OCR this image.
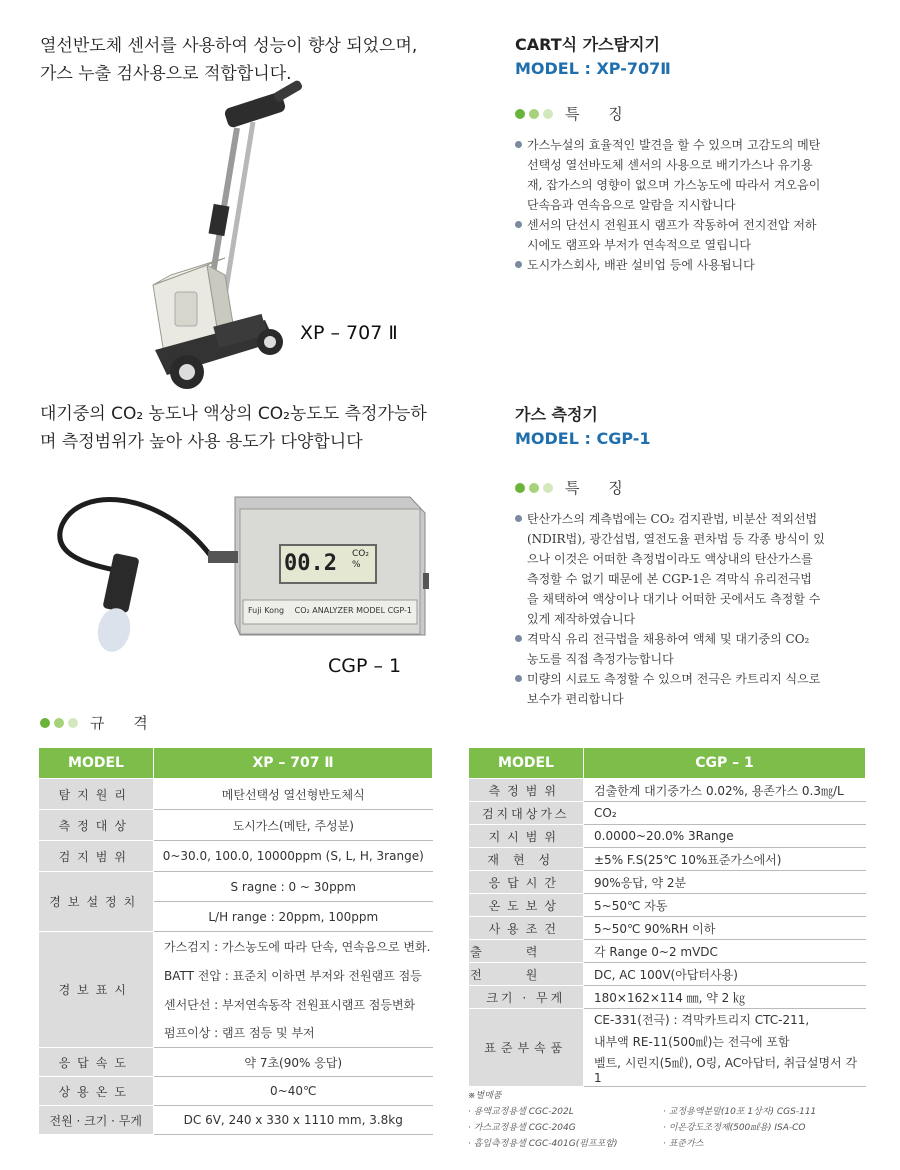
열선반도체 센서를 사용하여 성능이 향상 되었으며,
가스 누출 검사용으로 적합합니다.
XP – 707 Ⅱ
CART식 가스탐지기
MODEL : XP-707Ⅱ
특 징
가스누설의 효율적인 발견을 할 수 있으며 고감도의 메탄
선택성 열선바도체 센서의 사용으로 배기가스나 유기용
재, 잡가스의 영향이 없으며 가스농도에 따라서 겨오음이
단속음과 연속음으로 알람을 지시합니다
센서의 단선시 전원표시 램프가 작동하여 전지전압 저하
시에도 램프와 부저가 연속적으로 열립니다
도시가스회사, 배관 설비업 등에 사용됩니다
대기중의 CO₂ 농도나 액상의 CO₂농도도 측정가능하
며 측정범위가 높아 사용 용도가 다양합니다
00.2 CO₂
%
Fuji Kong CO₂ ANALYZER MODEL CGP-1
CGP – 1
가스 측정기
MODEL : CGP-1
특 징
탄산가스의 계측법에는 CO₂ 검지관법, 비분산 적외선법
(NDIR법), 광간섭법, 열전도율 편차법 등 각종 방식이 있
으나 이것은 어떠한 측정법이라도 액상내의 탄산가스를
측정할 수 없기 때문에 본 CGP-1은 격막식 유리전극법
을 채택하여 액상이나 대기나 어떠한 곳에서도 측정할 수
있게 제작하였습니다
격막식 유리 전극법을 채용하여 액체 및 대기중의 CO₂
농도를 직접 측정가능합니다
미량의 시료도 측정할 수 있으며 전극은 카트리지 식으로
보수가 편리합니다
규 격
MODEL	XP – 707 Ⅱ
탐지원리	메탄선택성 열선형반도체식
측정대상	도시가스(메탄, 주성분)
검지범위	0~30.0, 100.0, 10000ppm (S, L, H, 3range)
경보설정치	S ragne : 0 ~ 30ppm
	L/H range : 20ppm, 100ppm
경보표시	가스검지 : 가스농도에 따라 단속, 연속음으로 변화.
	BATT 전압 : 표준치 이하면 부저와 전원램프 점등
	센서단선 : 부저연속동작 전원표시램프 점등변화
	펌프이상 : 램프 점등 및 부저
응답속도	약 7초(90% 응답)
상용온도	0~40℃
전원 · 크기 · 무게	DC 6V, 240 x 330 x 1110 mm, 3.8kg
MODEL	CGP – 1
측정범위	검출한계 대기중가스 0.02%, 용존가스 0.3㎎/L
검지대상가스	CO₂
지시범위	0.0000~20.0% 3Range
재현성	±5% F.S(25℃ 10%표준가스에서)
응답시간	90%응답, 약 2분
온도보상	5~50℃ 자동
사용조건	5~50℃ 90%RH 이하
출력	각 Range 0~2 mVDC
전원	DC, AC 100V(아답터사용)
크기 · 무게	180×162×114 ㎜, 약 2 ㎏
표준부속품	CE-331(전극) : 격막카트리지 CTC-211,
	내부액 RE-11(500㎖)는 전극에 포함
	벨트, 시린지(5㎖), O링, AC아답터, 취급설명서 각 1
※별매품
· 용액교정용셀 CGC-202L
· 가스교정용셀 CGC-204G
· 흡입측정용셀 CGC-401G(펌프포함)
· 교정용액분말(10포 1상자) CGS-111
· 이온강도조정제(500㎖용) ISA-CO
· 표준가스
